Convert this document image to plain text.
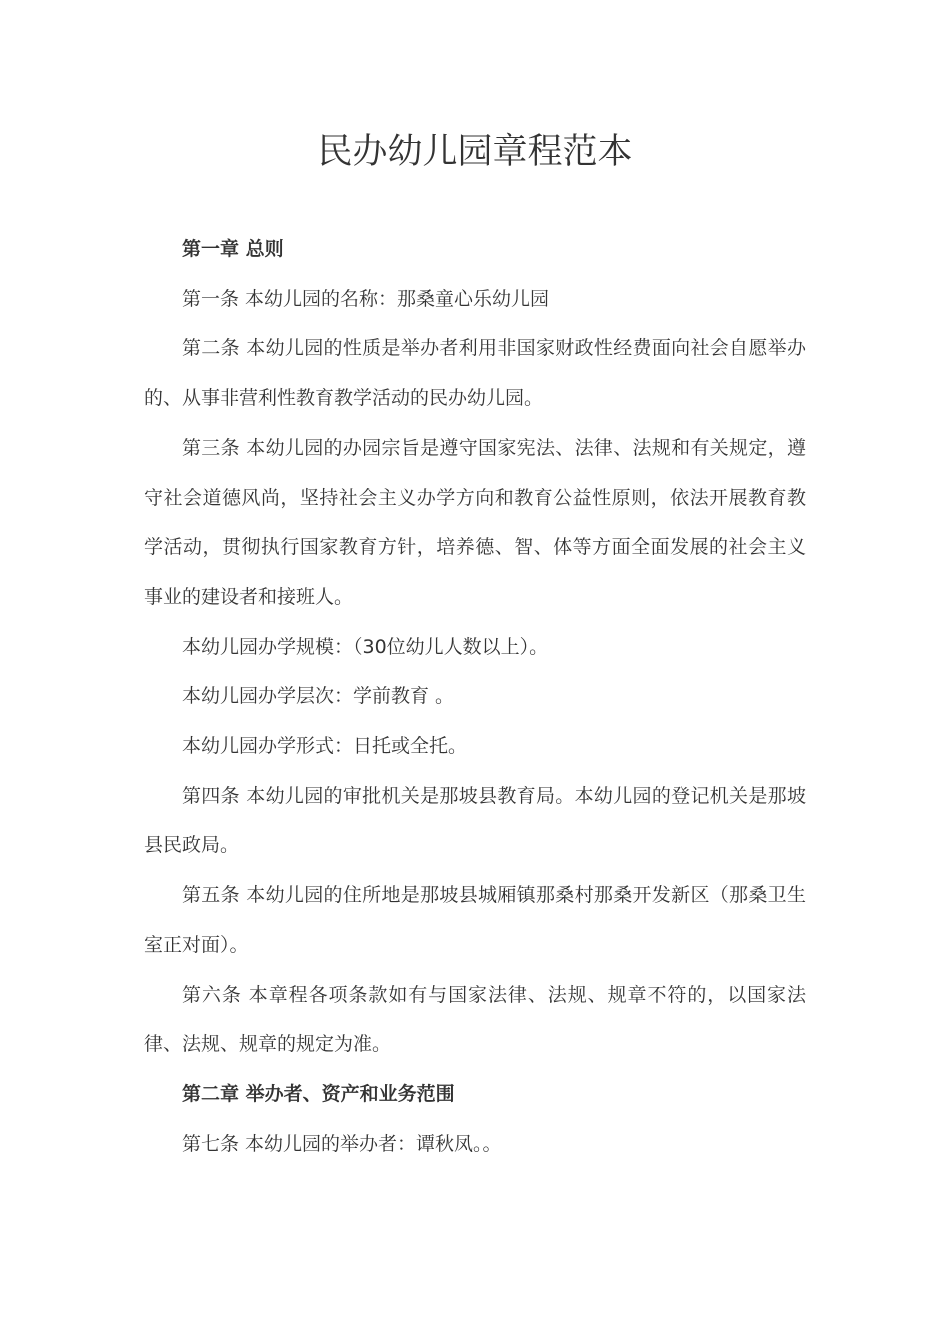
民办幼儿园章程范本

第一章 总则

第一条 本幼儿园的名称：那桑童心乐幼儿园

第二条 本幼儿园的性质是举办者利用非国家财政性经费面向社会自愿举办的、从事非营利性教育教学活动的民办幼儿园。

第三条 本幼儿园的办园宗旨是遵守国家宪法、法律、法规和有关规定，遵守社会道德风尚，坚持社会主义办学方向和教育公益性原则，依法开展教育教学活动，贯彻执行国家教育方针，培养德、智、体等方面全面发展的社会主义事业的建设者和接班人。

本幼儿园办学规模：（30位幼儿人数以上）。

本幼儿园办学层次：学前教育 。

本幼儿园办学形式：日托或全托。

第四条 本幼儿园的审批机关是那坡县教育局。本幼儿园的登记机关是那坡县民政局。

第五条 本幼儿园的住所地是那坡县城厢镇那桑村那桑开发新区（那桑卫生室正对面）。

第六条 本章程各项条款如有与国家法律、法规、规章不符的，以国家法律、法规、规章的规定为准。

第二章 举办者、资产和业务范围

第七条 本幼儿园的举办者：谭秋凤。。
